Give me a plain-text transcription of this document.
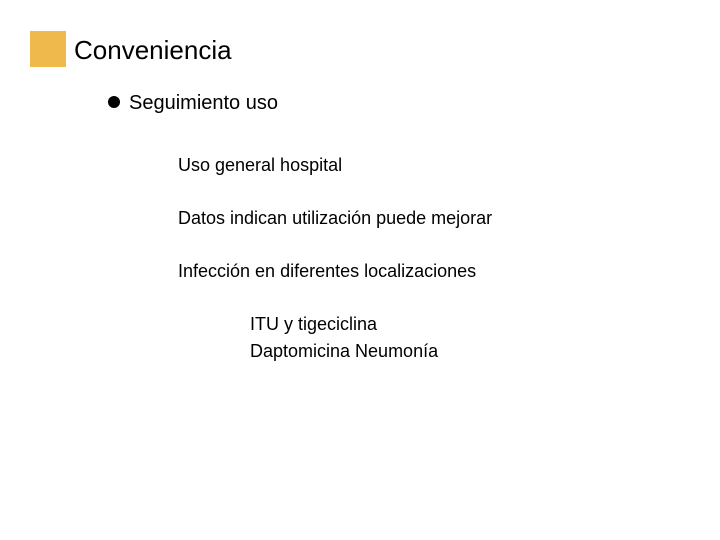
Conveniencia
Seguimiento uso
Uso general hospital
Datos indican utilización puede mejorar
Infección en diferentes localizaciones
ITU y tigeciclina
Daptomicina Neumonía
